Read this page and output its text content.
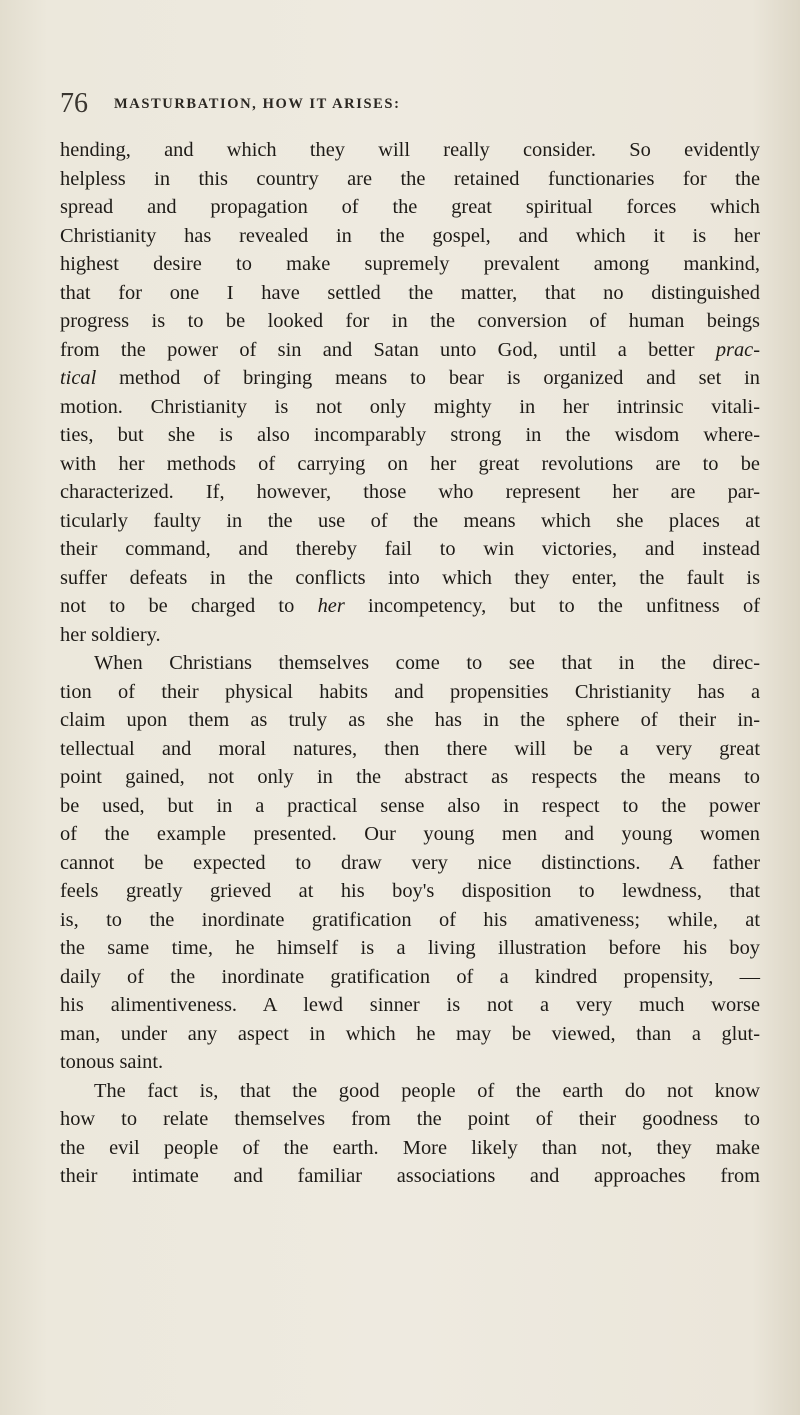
76 MASTURBATION, HOW IT ARISES:
hending, and which they will really consider. So evidently
helpless in this country are the retained functionaries for the
spread and propagation of the great spiritual forces which
Christianity has revealed in the gospel, and which it is her
highest desire to make supremely prevalent among mankind,
that for one I have settled the matter, that no distinguished
progress is to be looked for in the conversion of human beings
from the power of sin and Satan unto God, until a better prac-
tical method of bringing means to bear is organized and set in
motion. Christianity is not only mighty in her intrinsic vitali-
ties, but she is also incomparably strong in the wisdom where-
with her methods of carrying on her great revolutions are to be
characterized. If, however, those who represent her are par-
ticularly faulty in the use of the means which she places at
their command, and thereby fail to win victories, and instead
suffer defeats in the conflicts into which they enter, the fault is
not to be charged to her incompetency, but to the unfitness of
her soldiery.
When Christians themselves come to see that in the direc-
tion of their physical habits and propensities Christianity has a
claim upon them as truly as she has in the sphere of their in-
tellectual and moral natures, then there will be a very great
point gained, not only in the abstract as respects the means to
be used, but in a practical sense also in respect to the power
of the example presented. Our young men and young women
cannot be expected to draw very nice distinctions. A father
feels greatly grieved at his boy's disposition to lewdness, that
is, to the inordinate gratification of his amativeness; while, at
the same time, he himself is a living illustration before his boy
daily of the inordinate gratification of a kindred propensity, —
his alimentiveness. A lewd sinner is not a very much worse
man, under any aspect in which he may be viewed, than a glut-
tonous saint.
The fact is, that the good people of the earth do not know
how to relate themselves from the point of their goodness to
the evil people of the earth. More likely than not, they make
their intimate and familiar associations and approaches from
